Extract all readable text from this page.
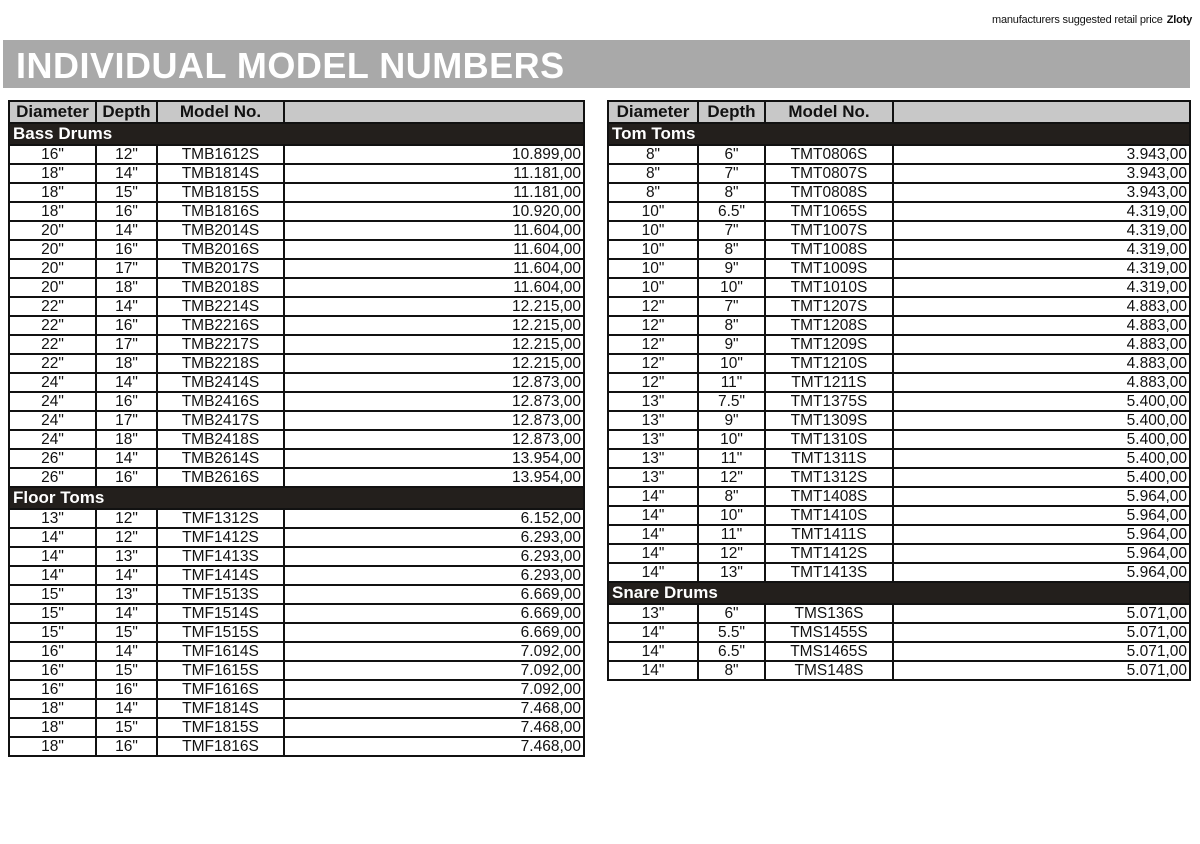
manufacturers suggested retail price Zloty
INDIVIDUAL MODEL NUMBERS
Diameter	Depth	Model No.	
Bass Drums			
16"	12"	TMB1612S	10.899,00
18"	14"	TMB1814S	11.181,00
18"	15"	TMB1815S	11.181,00
18"	16"	TMB1816S	10.920,00
20"	14"	TMB2014S	11.604,00
20"	16"	TMB2016S	11.604,00
20"	17"	TMB2017S	11.604,00
20"	18"	TMB2018S	11.604,00
22"	14"	TMB2214S	12.215,00
22"	16"	TMB2216S	12.215,00
22"	17"	TMB2217S	12.215,00
22"	18"	TMB2218S	12.215,00
24"	14"	TMB2414S	12.873,00
24"	16"	TMB2416S	12.873,00
24"	17"	TMB2417S	12.873,00
24"	18"	TMB2418S	12.873,00
26"	14"	TMB2614S	13.954,00
26"	16"	TMB2616S	13.954,00
Floor Toms			
13"	12"	TMF1312S	6.152,00
14"	12"	TMF1412S	6.293,00
14"	13"	TMF1413S	6.293,00
14"	14"	TMF1414S	6.293,00
15"	13"	TMF1513S	6.669,00
15"	14"	TMF1514S	6.669,00
15"	15"	TMF1515S	6.669,00
16"	14"	TMF1614S	7.092,00
16"	15"	TMF1615S	7.092,00
16"	16"	TMF1616S	7.092,00
18"	14"	TMF1814S	7.468,00
18"	15"	TMF1815S	7.468,00
18"	16"	TMF1816S	7.468,00
Diameter	Depth	Model No.	
Tom Toms			
8"	6"	TMT0806S	3.943,00
8"	7"	TMT0807S	3.943,00
8"	8"	TMT0808S	3.943,00
10"	6.5"	TMT1065S	4.319,00
10"	7"	TMT1007S	4.319,00
10"	8"	TMT1008S	4.319,00
10"	9"	TMT1009S	4.319,00
10"	10"	TMT1010S	4.319,00
12"	7"	TMT1207S	4.883,00
12"	8"	TMT1208S	4.883,00
12"	9"	TMT1209S	4.883,00
12"	10"	TMT1210S	4.883,00
12"	11"	TMT1211S	4.883,00
13"	7.5"	TMT1375S	5.400,00
13"	9"	TMT1309S	5.400,00
13"	10"	TMT1310S	5.400,00
13"	11"	TMT1311S	5.400,00
13"	12"	TMT1312S	5.400,00
14"	8"	TMT1408S	5.964,00
14"	10"	TMT1410S	5.964,00
14"	11"	TMT1411S	5.964,00
14"	12"	TMT1412S	5.964,00
14"	13"	TMT1413S	5.964,00
Snare Drums			
13"	6"	TMS136S	5.071,00
14"	5.5"	TMS1455S	5.071,00
14"	6.5"	TMS1465S	5.071,00
14"	8"	TMS148S	5.071,00
